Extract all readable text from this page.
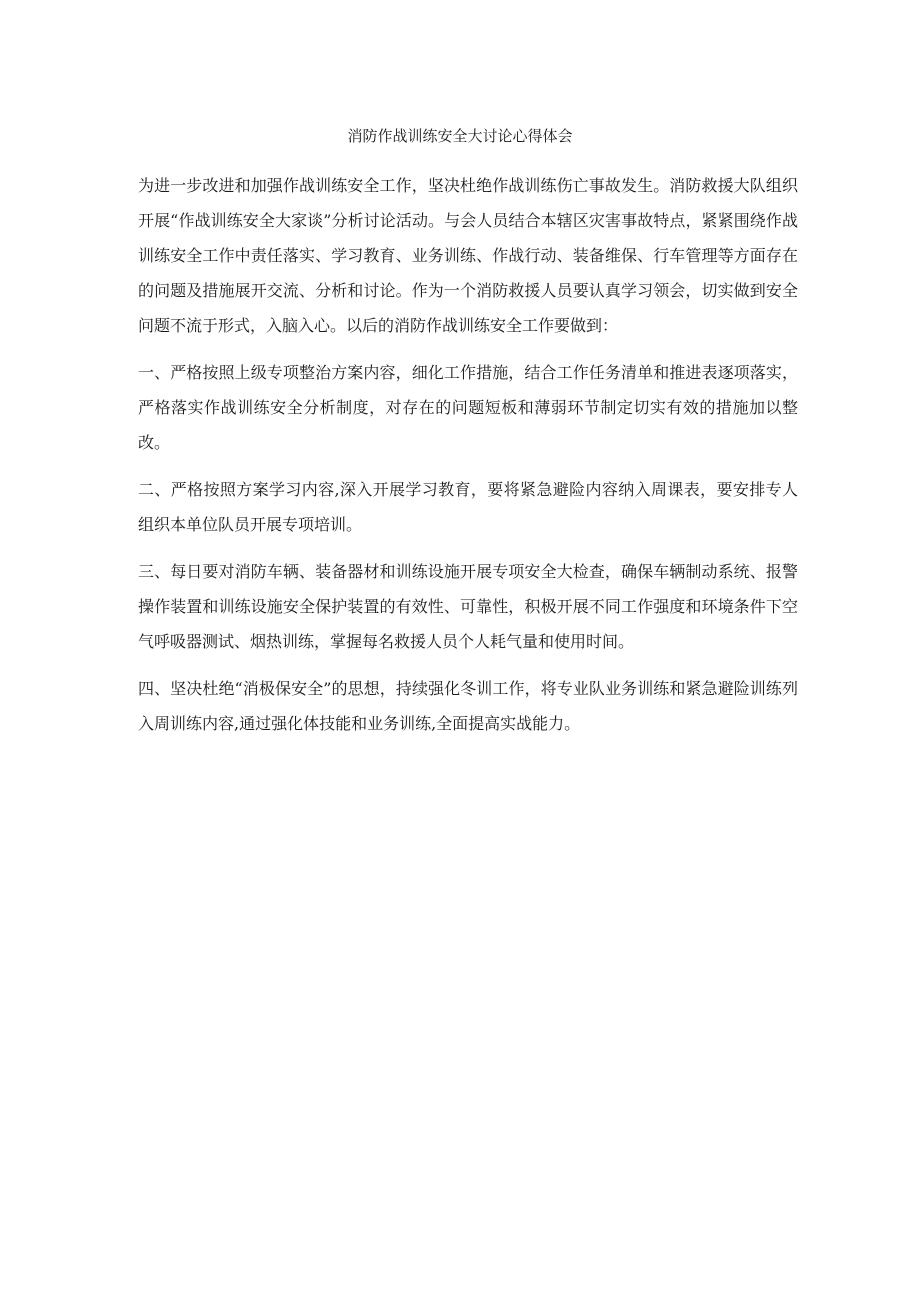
消防作战训练安全大讨论心得体会

为进一步改进和加强作战训练安全工作，坚决杜绝作战训练伤亡事故发生。消防救援大队组织开展“作战训练安全大家谈”分析讨论活动。与会人员结合本辖区灾害事故特点，紧紧围绕作战训练安全工作中责任落实、学习教育、业务训练、作战行动、装备维保、行车管理等方面存在的问题及措施展开交流、分析和讨论。作为一个消防救援人员要认真学习领会，切实做到安全问题不流于形式，入脑入心。以后的消防作战训练安全工作要做到：

一、严格按照上级专项整治方案内容，细化工作措施，结合工作任务清单和推进表逐项落实，严格落实作战训练安全分析制度，对存在的问题短板和薄弱环节制定切实有效的措施加以整改。

二、严格按照方案学习内容,深入开展学习教育，要将紧急避险内容纳入周课表，要安排专人组织本单位队员开展专项培训。

三、每日要对消防车辆、装备器材和训练设施开展专项安全大检查，确保车辆制动系统、报警操作装置和训练设施安全保护装置的有效性、可靠性，积极开展不同工作强度和环境条件下空气呼吸器测试、烟热训练，掌握每名救援人员个人耗气量和使用时间。

四、坚决杜绝“消极保安全”的思想，持续强化冬训工作，将专业队业务训练和紧急避险训练列入周训练内容,通过强化体技能和业务训练,全面提高实战能力。
